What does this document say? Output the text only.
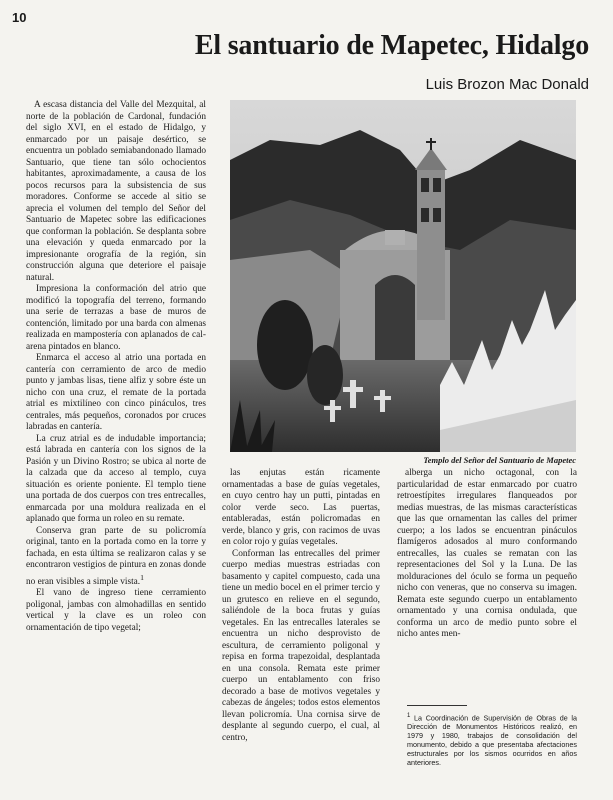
10
El santuario de Mapetec, Hidalgo
Luis Brozon Mac Donald

A escasa distancia del Valle del Mezquital, al norte de la población de Cardonal, fundación del siglo XVI, en el estado de Hidalgo, y enmarcado por un paisaje desértico, se encuentra un poblado semiabandonado llamado Santuario, que tiene tan sólo ochocientos habitantes, aproximadamente, a causa de los pocos recursos para la subsistencia de sus moradores. Conforme se accede al sitio se aprecia el volumen del templo del Señor del Santuario de Mapetec sobre las edificaciones que conforman la población. Se desplanta sobre una elevación y queda enmarcado por la impresionante orografía de la región, sin construcción alguna que deteriore el paisaje natural.

Impresiona la conformación del atrio que modificó la topografía del terreno, formando una serie de terrazas a base de muros de contención, limitado por una barda con almenas realizada en mampostería con aplanados de cal-arena pintados en blanco.

Enmarca el acceso al atrio una portada en cantería con cerramiento de arco de medio punto y jambas lisas, tiene alfiz y sobre éste un nicho con una cruz, el remate de la portada atrial es mixtilíneo con cinco pináculos, tres centrales, más pequeños, coronados por cruces labradas en cantería.

La cruz atrial es de indudable importancia; está labrada en cantería con los signos de la Pasión y un Divino Rostro; se ubica al norte de la calzada que da acceso al templo, cuya situación es oriente poniente. El templo tiene una portada de dos cuerpos con tres entrecalles, enmarcada por una moldura realizada en el aplanado que forma un roleo en su remate.

Conserva gran parte de su policromía original, tanto en la portada como en la torre y fachada, en esta última se realizaron calas y se encontraron vestigios de pintura en zonas donde no eran visibles a simple vista.$^1$

El vano de ingreso tiene cerramiento poligonal, jambas con almohadillas en sentido vertical y la clave es un roleo con ornamentación de tipo vegetal;

Templo del Señor del Santuario de Mapetec

las enjutas están ricamente ornamentadas a base de guías vegetales, en cuyo centro hay un putti, pintadas en color verde seco. Las puertas, entableradas, están policromadas en verde, blanco y gris, con racimos de uvas en color rojo y guías vegetales.

Conforman las entrecalles del primer cuerpo medias muestras estriadas con basamento y capitel compuesto, cada una tiene un medio bocel en el primer tercio y un grutesco en relieve en el segundo, saliéndole de la boca frutas y guías vegetales. En las entrecalles laterales se encuentra un nicho desprovisto de escultura, de cerramiento poligonal y repisa en forma trapezoidal, desplantada en una consola. Remata este primer cuerpo un entablamento con friso decorado a base de motivos vegetales y cabezas de ángeles; todos estos elementos llevan policromía. Una cornisa sirve de desplante al segundo cuerpo, el cual, al centro,

alberga un nicho octagonal, con la particularidad de estar enmarcado por cuatro retroestípites irregulares flanqueados por medias muestras, de las mismas características que las que ornamentan las calles del primer cuerpo; a los lados se encuentran pináculos flamígeros adosados al muro conformando entrecalles, las cuales se rematan con las representaciones del Sol y la Luna. De las molduraciones del óculo se forma un pequeño nicho con veneras, que no conserva su imagen. Remata este segundo cuerpo un entablamento ornamentado y una cornisa ondulada, que conforma un arco de medio punto sobre el nicho antes men-

$^1$ La Coordinación de Supervisión de Obras de la Dirección de Monumentos Históricos realizó, en 1979 y 1980, trabajos de consolidación del monumento, debido a que presentaba afectaciones estructurales por los sismos ocurridos en años anteriores.
